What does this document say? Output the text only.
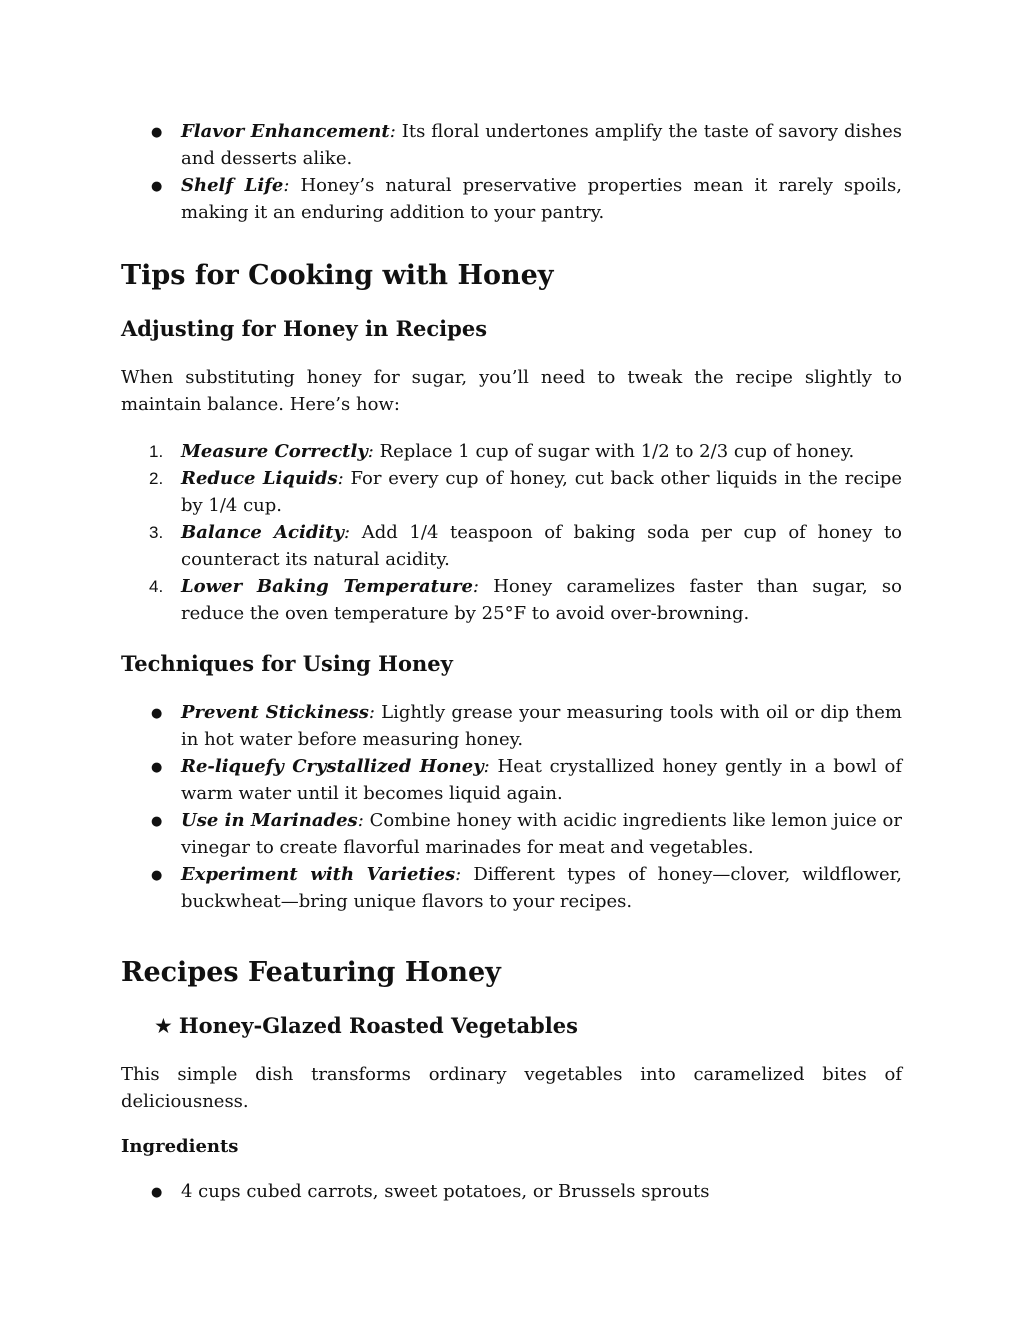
● Flavor Enhancement: Its floral undertones amplify the taste of savory dishes and desserts alike.
● Shelf Life: Honey’s natural preservative properties mean it rarely spoils, making it an enduring addition to your pantry.
Tips for Cooking with Honey
Adjusting for Honey in Recipes

When substituting honey for sugar, you’ll need to tweak the recipe slightly to maintain balance. Here’s how:

1. Measure Correctly: Replace 1 cup of sugar with 1/2 to 2/3 cup of honey.
2. Reduce Liquids: For every cup of honey, cut back other liquids in the recipe by 1/4 cup.
3. Balance Acidity: Add 1/4 teaspoon of baking soda per cup of honey to counteract its natural acidity.
4. Lower Baking Temperature: Honey caramelizes faster than sugar, so reduce the oven temperature by 25°F to avoid over-browning.
Techniques for Using Honey
● Prevent Stickiness: Lightly grease your measuring tools with oil or dip them in hot water before measuring honey.
● Re-liquefy Crystallized Honey: Heat crystallized honey gently in a bowl of warm water until it becomes liquid again.
● Use in Marinades: Combine honey with acidic ingredients like lemon juice or vinegar to create flavorful marinades for meat and vegetables.
● Experiment with Varieties: Different types of honey—clover, wildflower, buckwheat—bring unique flavors to your recipes.
Recipes Featuring Honey
★ Honey-Glazed Roasted Vegetables

This simple dish transforms ordinary vegetables into caramelized bites of deliciousness.

Ingredients
● 4 cups cubed carrots, sweet potatoes, or Brussels sprouts
